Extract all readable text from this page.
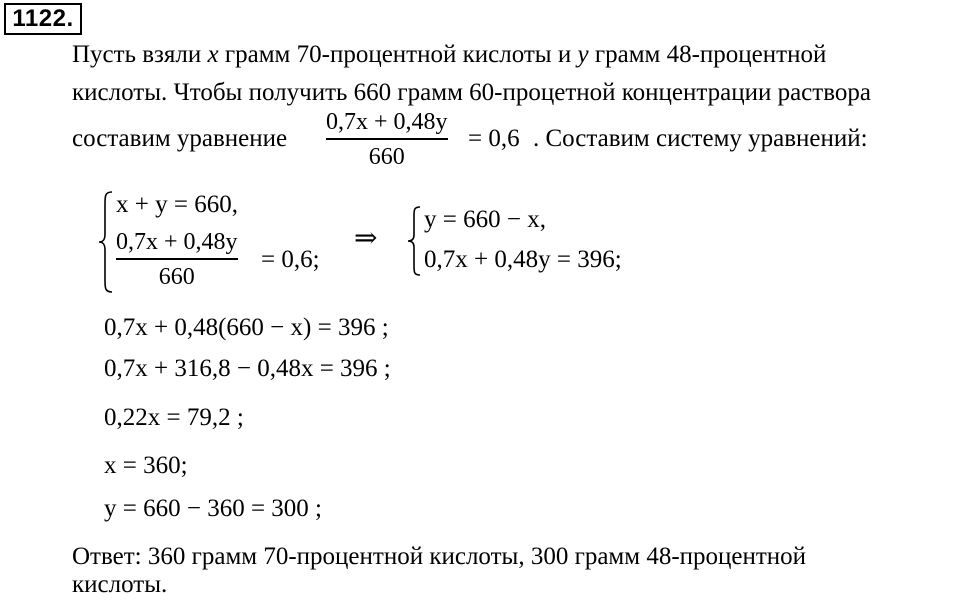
1122.
Пусть взяли x грамм 70-процентной кислоты и y грамм 48-процентной
кислоты. Чтобы получить 660 грамм 60-процетной концентрации раствора
составим уравнение
0,7x + 0,48y
660
= 0,6 . Составим систему уравнений:
x + y = 660,
0,7x + 0,48y
660
= 0,6;
⇒
y = 660 − x,
0,7x + 0,48y = 396;
0,7x + 0,48(660 − x) = 396 ;
0,7x + 316,8 − 0,48x = 396 ;
0,22x = 79,2 ;
x = 360;
y = 660 − 360 = 300 ;
Ответ: 360 грамм 70-процентной кислоты, 300 грамм 48-процентной
кислоты.
